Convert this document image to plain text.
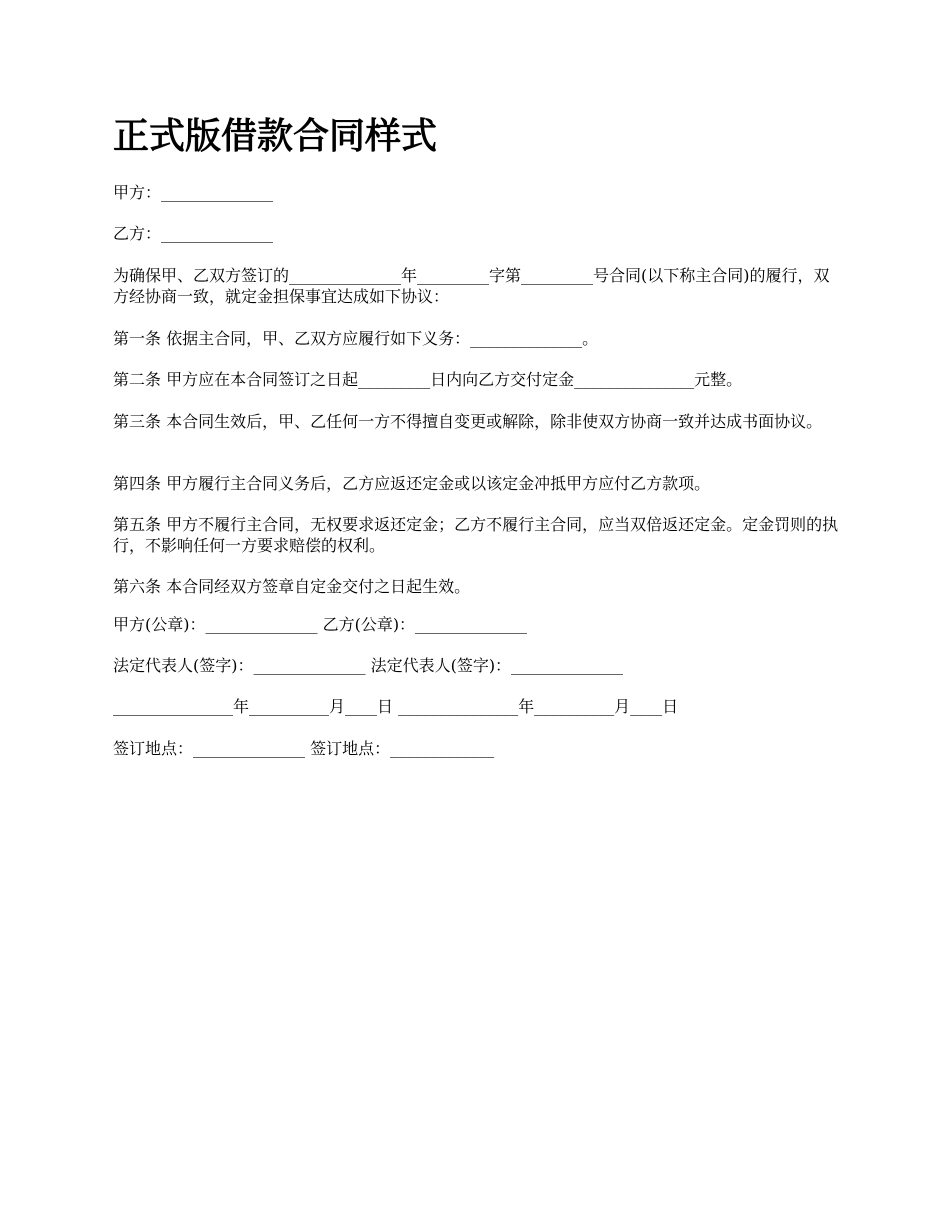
正式版借款合同样式

甲方：______________

乙方：______________

为确保甲、乙双方签订的______________年_________字第_________号合同(以下称主合同)的履行，双方经协商一致，就定金担保事宜达成如下协议：

第一条 依据主合同，甲、乙双方应履行如下义务：______________。

第二条 甲方应在本合同签订之日起_________日内向乙方交付定金_______________元整。

第三条 本合同生效后，甲、乙任何一方不得擅自变更或解除，除非使双方协商一致并达成书面协议。

第四条 甲方履行主合同义务后，乙方应返还定金或以该定金冲抵甲方应付乙方款项。

第五条 甲方不履行主合同，无权要求返还定金；乙方不履行主合同，应当双倍返还定金。定金罚则的执行，不影响任何一方要求赔偿的权利。

第六条 本合同经双方签章自定金交付之日起生效。

甲方(公章)：______________ 乙方(公章)：______________

法定代表人(签字)：______________ 法定代表人(签字)：______________

_______________年__________月____日 _______________年__________月____日

签订地点：______________ 签订地点：_____________
